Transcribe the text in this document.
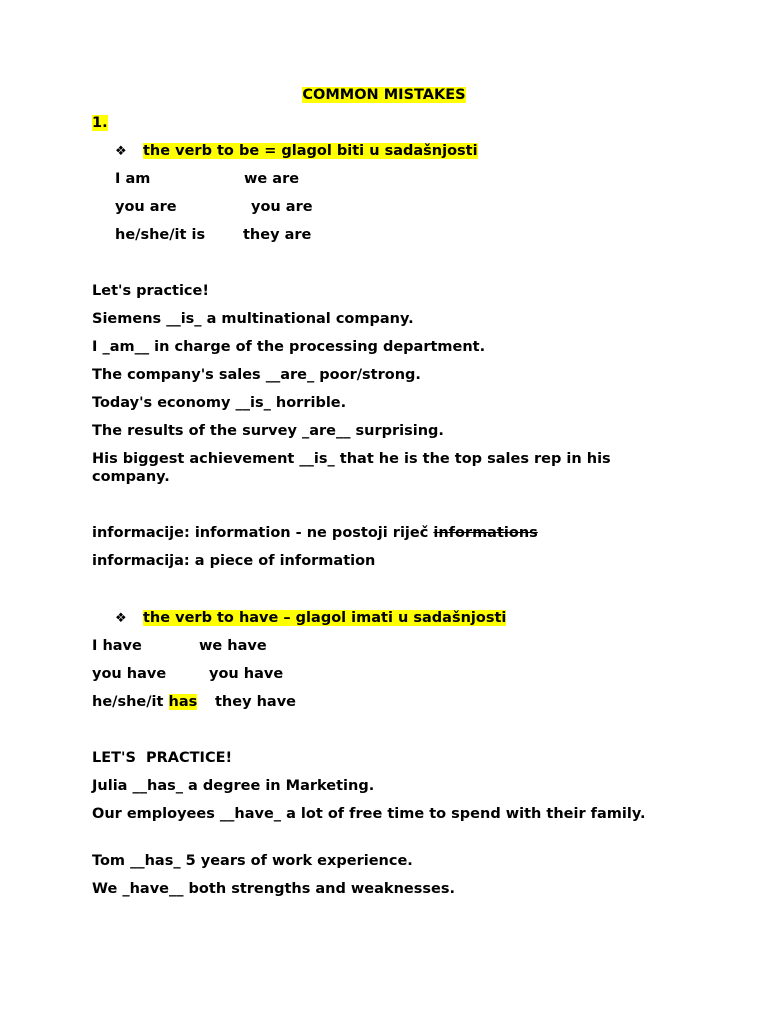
COMMON MISTAKES
1.
❖ the verb to be = glagol biti u sadašnjosti
I am	we are
you are	you are
he/she/it is	they are
Let's practice!
Siemens __is_ a multinational company.
I _am__ in charge of the processing department.
The company's sales __are_ poor/strong.
Today's economy __is_ horrible.
The results of the survey _are__ surprising.
His biggest achievement __is_ that he is the top sales rep in his company.
informacije: information - ne postoji riječ informations
informacija: a piece of information
❖ the verb to have – glagol imati u sadašnjosti
I have	we have
you have	you have
he/she/it has they have
LET'S  PRACTICE!
Julia __has_ a degree in Marketing.
Our employees __have_ a lot of free time to spend with their family.
Tom __has_ 5 years of work experience.
We _have__ both strengths and weaknesses.
